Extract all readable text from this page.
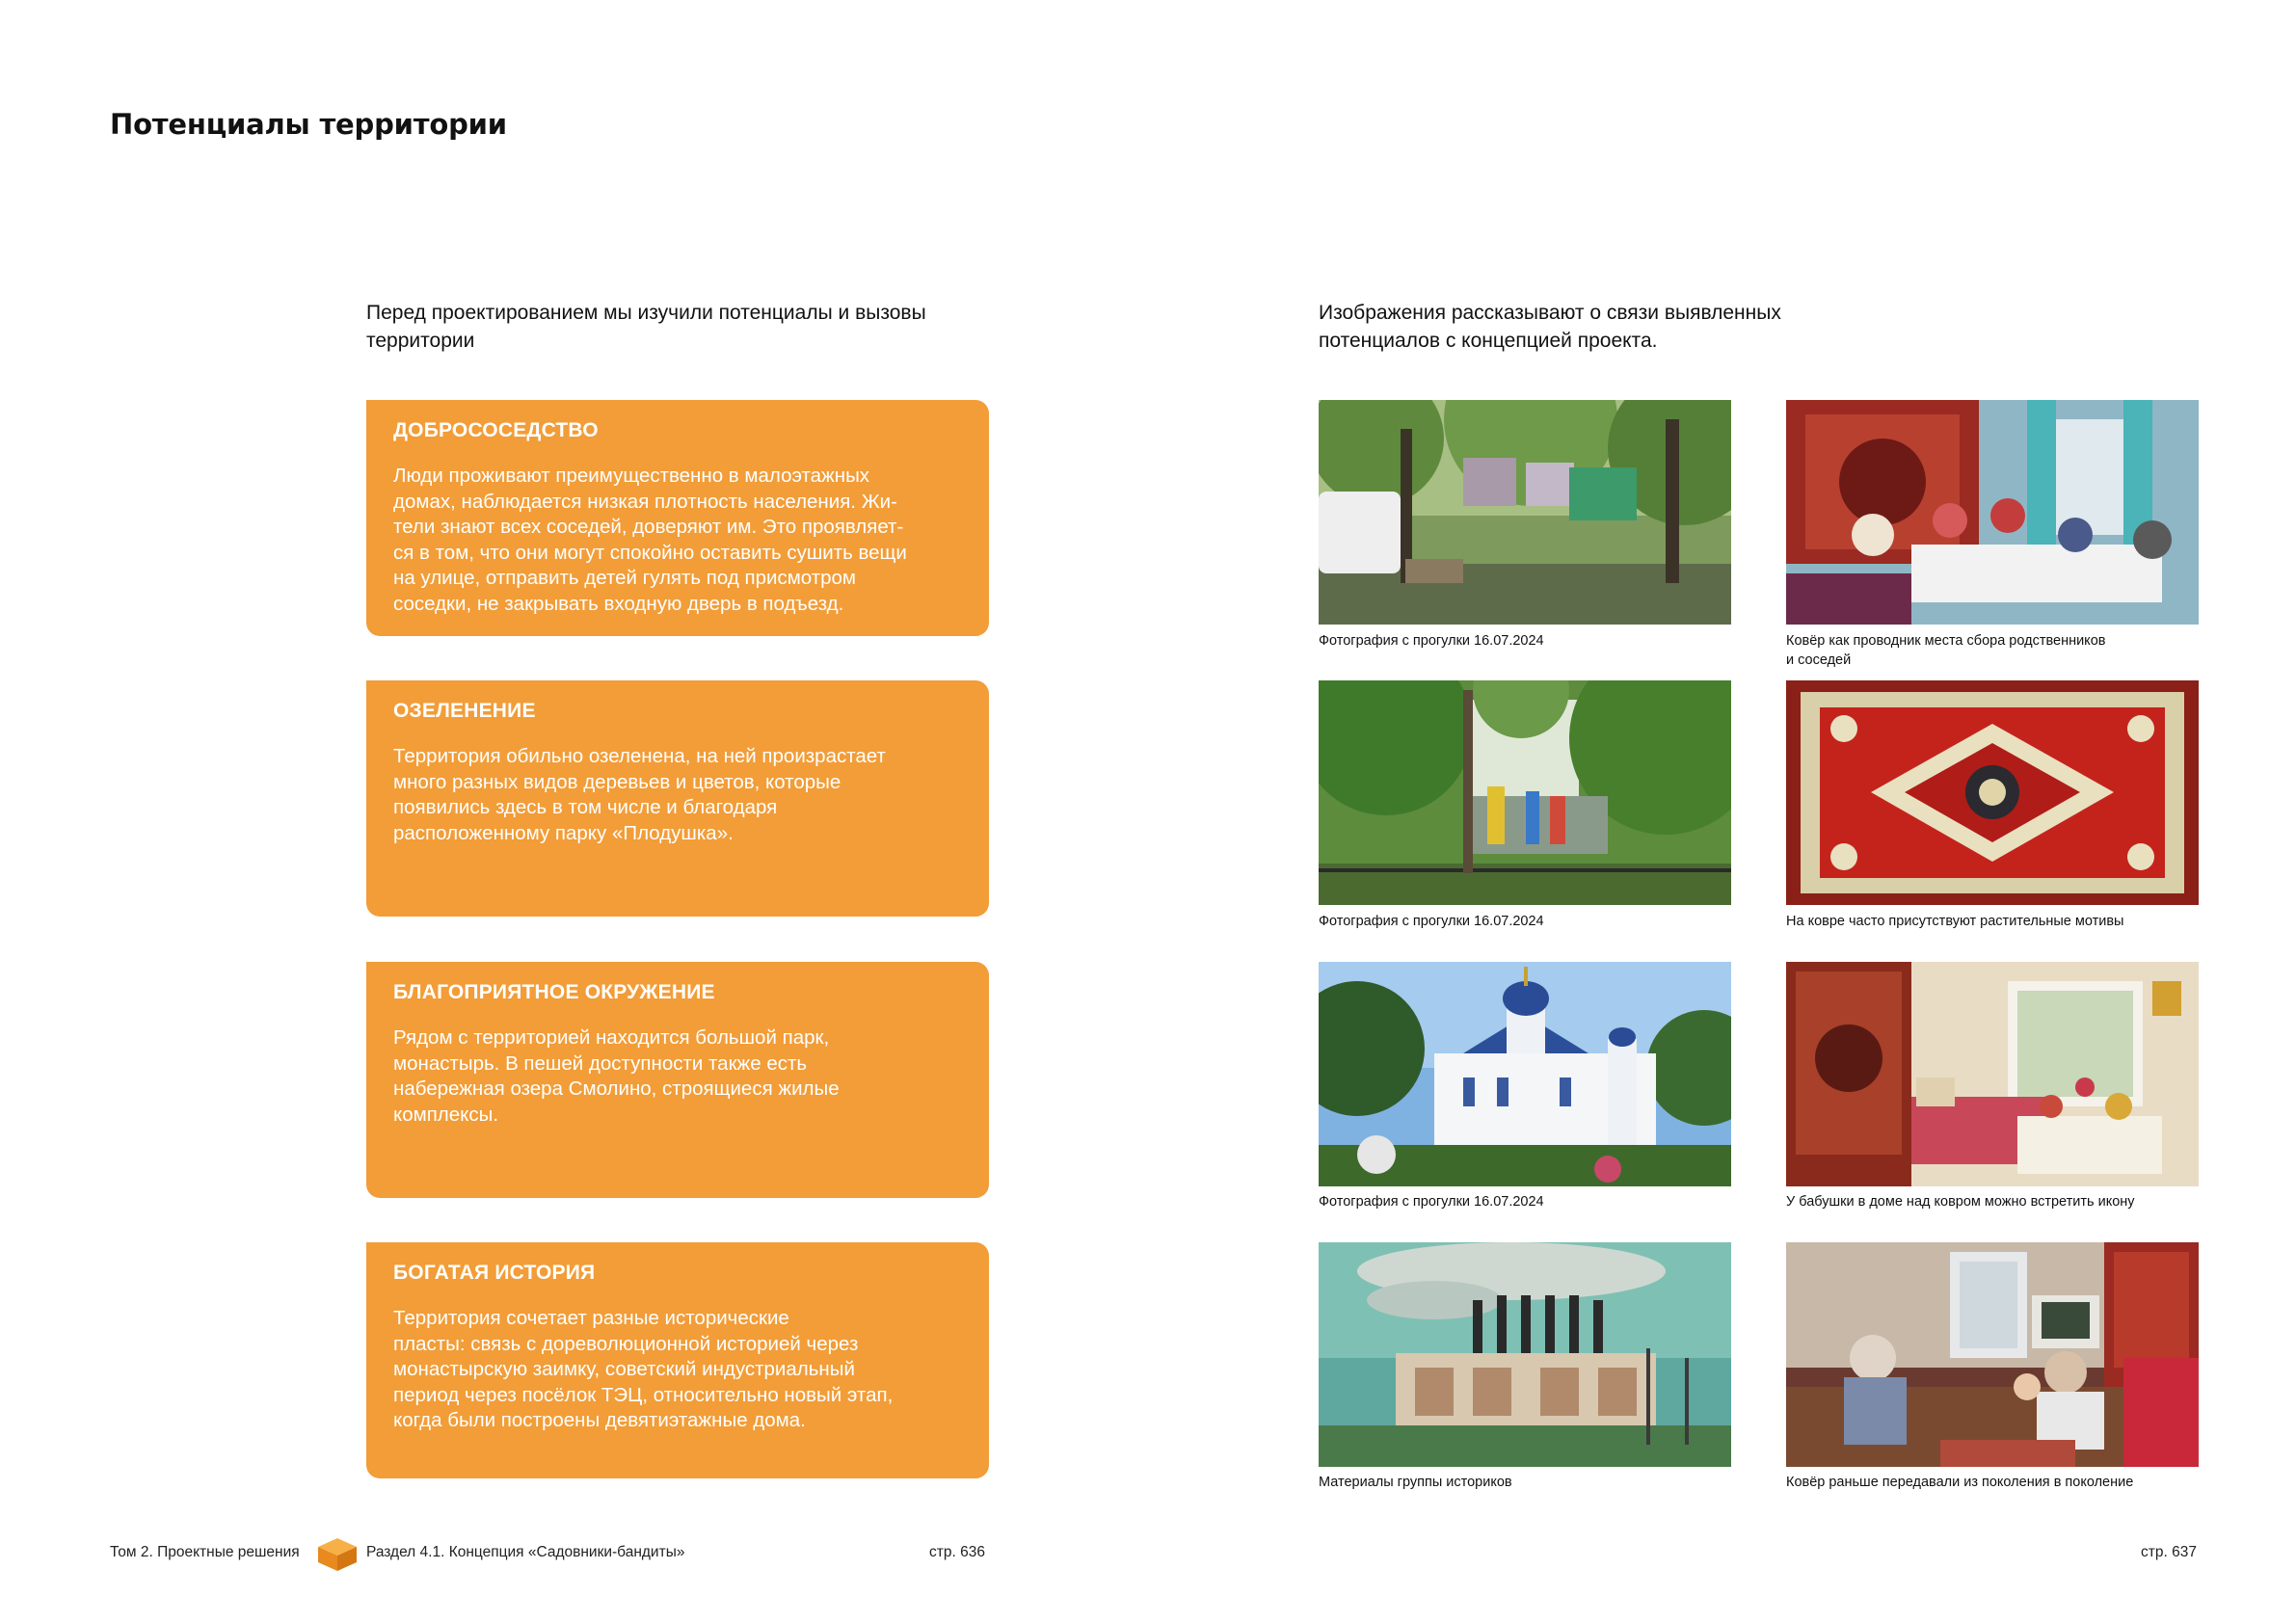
Потенциалы территории

Перед проектированием мы изучили потенциалы и вызовы
территории

Изображения рассказывают о связи выявленных
потенциалов с концепцией проекта.

ДОБРОСОСЕДСТВО

Люди проживают преимущественно в малоэтажных
домах, наблюдается низкая плотность населения. Жи-
тели знают всех соседей, доверяют им. Это проявляет-
ся в том, что они могут спокойно оставить сушить вещи
на улице, отправить детей гулять под присмотром
соседки, не закрывать входную дверь в подъезд.

ОЗЕЛЕНЕНИЕ

Территория обильно озеленена, на ней произрастает
много разных видов деревьев и цветов, которые
появились здесь в том числе и благодаря
расположенному парку «Плодушка».

БЛАГОПРИЯТНОЕ ОКРУЖЕНИЕ

Рядом с территорией находится большой парк,
монастырь. В пешей доступности также есть
набережная озера Смолино, строящиеся жилые
комплексы.

БОГАТАЯ ИСТОРИЯ

Территория сочетает разные исторические
пласты: связь с дореволюционной историей через
монастырскую заимку, советский индустриальный
период через посёлок ТЭЦ, относительно новый этап,
когда были построены девятиэтажные дома.

Фотография с прогулки 16.07.2024	Ковёр как проводник места сбора родственников
и соседей
Фотография с прогулки 16.07.2024	На ковре часто присутствуют растительные мотивы
Фотография с прогулки 16.07.2024	У бабушки в доме над ковром можно встретить икону
Материалы группы историков	Ковёр раньше передавали из поколения в поколение
Том 2. Проектные решения	Раздел 4.1. Концепция «Садовники-бандиты»	стр. 636	стр. 637
